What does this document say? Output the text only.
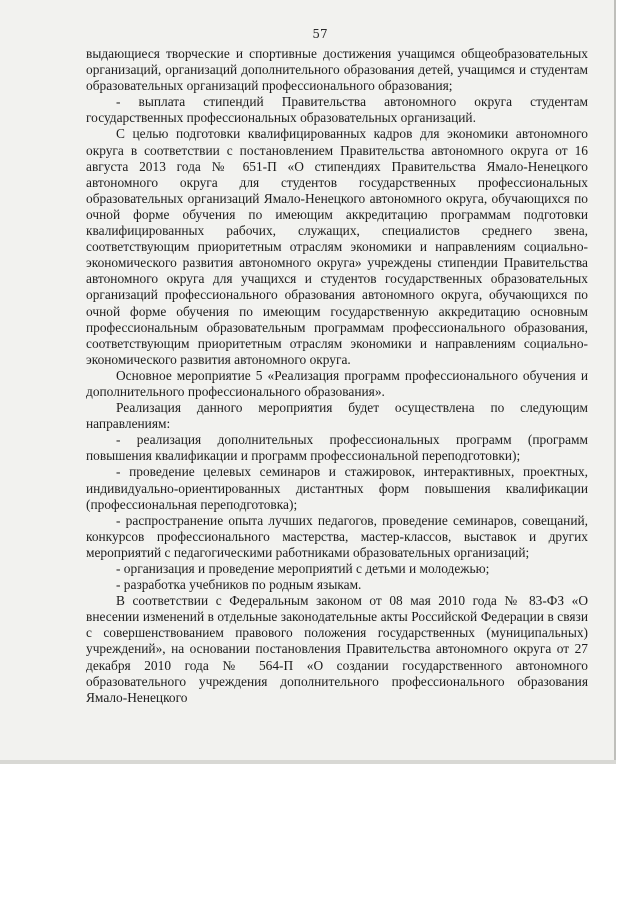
57

выдающиеся творческие и спортивные достижения учащимся общеобразовательных организаций, организаций дополнительного образования детей, учащимся и студентам образовательных организаций профессионального образования;

- выплата стипендий Правительства автономного округа студентам государственных профессиональных образовательных организаций.

С целью подготовки квалифицированных кадров для экономики автономного округа в соответствии с постановлением Правительства автономного округа от 16 августа 2013 года № 651-П «О стипендиях Правительства Ямало-Ненецкого автономного округа для студентов государственных профессиональных образовательных организаций Ямало-Ненецкого автономного округа, обучающихся по очной форме обучения по имеющим аккредитацию программам подготовки квалифицированных рабочих, служащих, специалистов среднего звена, соответствующим приоритетным отраслям экономики и направлениям социально-экономического развития автономного округа» учреждены стипендии Правительства автономного округа для учащихся и студентов государственных образовательных организаций профессионального образования автономного округа, обучающихся по очной форме обучения по имеющим государственную аккредитацию основным профессиональным образовательным программам профессионального образования, соответствующим приоритетным отраслям экономики и направлениям социально-экономического развития автономного округа.

Основное мероприятие 5 «Реализация программ профессионального обучения и дополнительного профессионального образования».

Реализация данного мероприятия будет осуществлена по следующим направлениям:

- реализация дополнительных профессиональных программ (программ повышения квалификации и программ профессиональной переподготовки);

- проведение целевых семинаров и стажировок, интерактивных, проектных, индивидуально-ориентированных дистантных форм повышения квалификации (профессиональная переподготовка);

- распространение опыта лучших педагогов, проведение семинаров, совещаний, конкурсов профессионального мастерства, мастер-классов, выставок и других мероприятий с педагогическими работниками образовательных организаций;

- организация и проведение мероприятий с детьми и молодежью;

- разработка учебников по родным языкам.

В соответствии с Федеральным законом от 08 мая 2010 года № 83-ФЗ «О внесении изменений в отдельные законодательные акты Российской Федерации в связи с совершенствованием правового положения государственных (муниципальных) учреждений», на основании постановления Правительства автономного округа от 27 декабря 2010 года № 564-П «О создании государственного автономного образовательного учреждения дополнительного профессионального образования Ямало-Ненецкого
